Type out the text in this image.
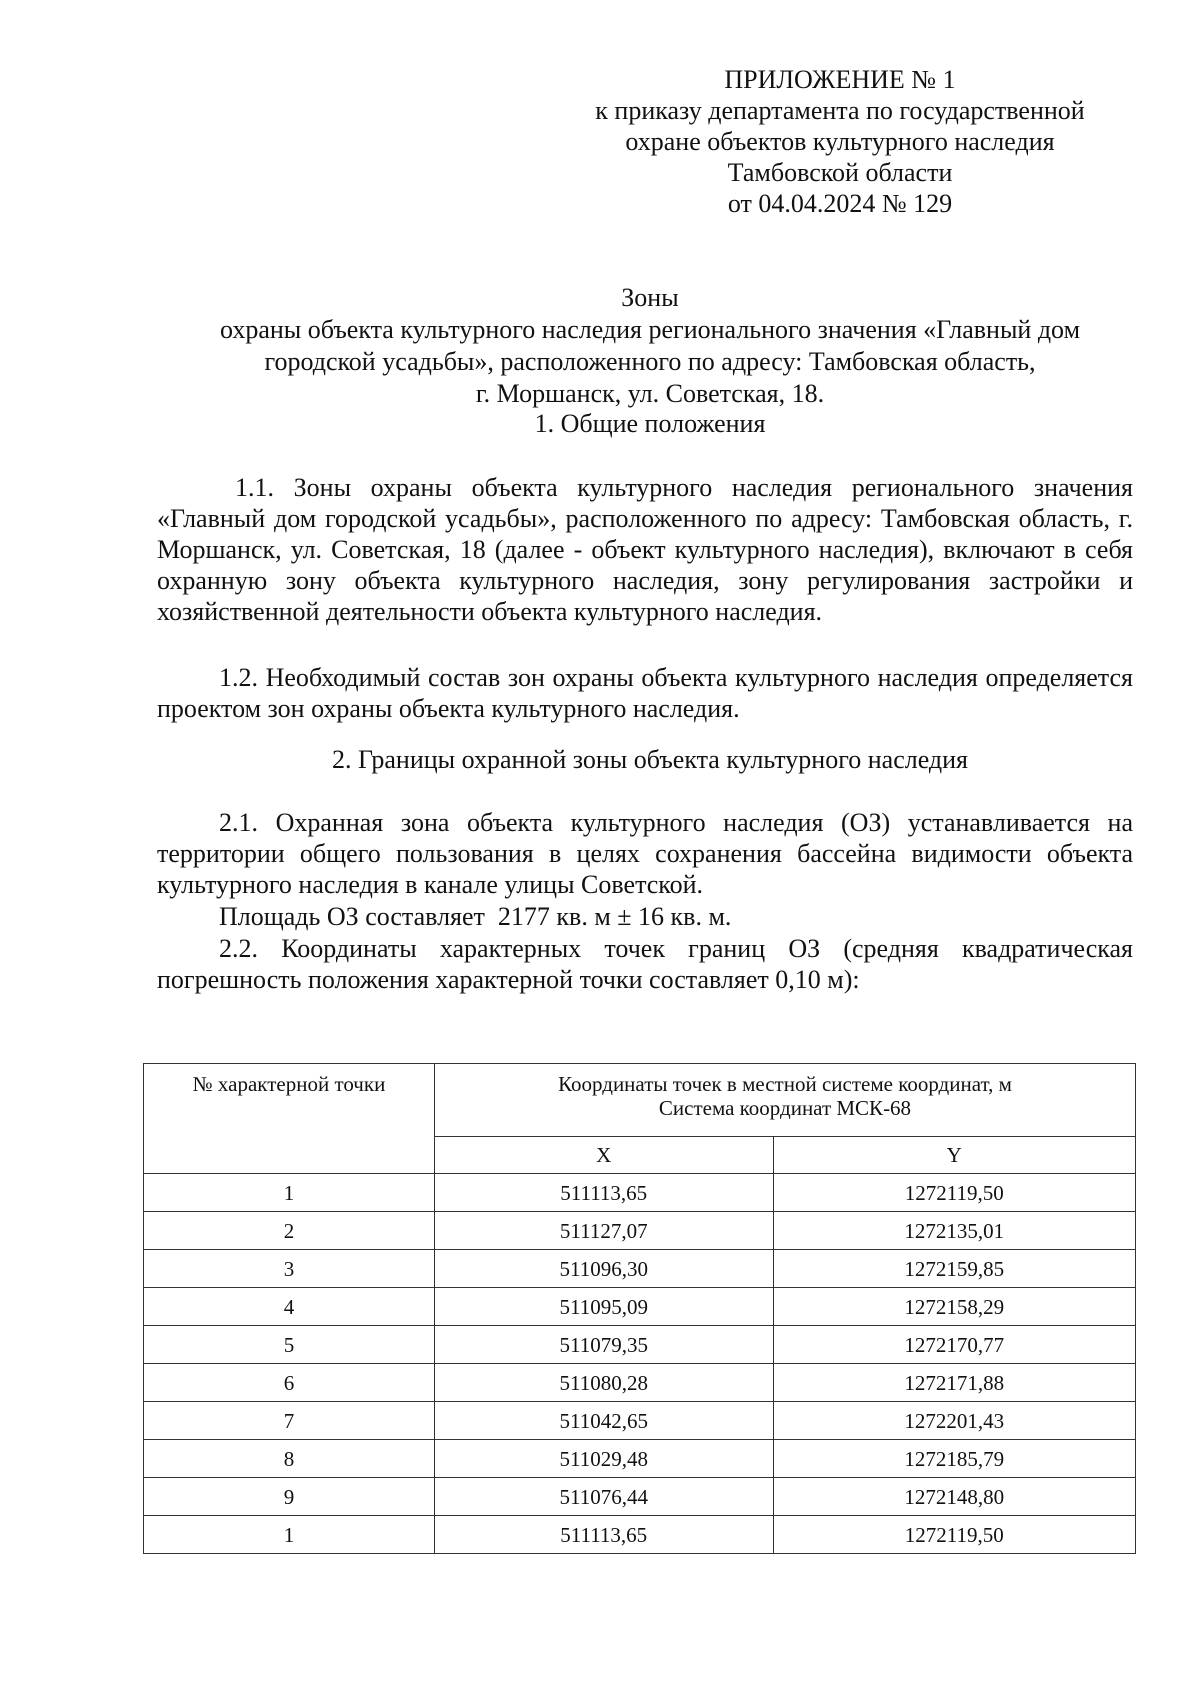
ПРИЛОЖЕНИЕ № 1
к приказу департамента по государственной
охране объектов культурного наследия
Тамбовской области
от 04.04.2024 № 129
Зоны
охраны объекта культурного наследия регионального значения «Главный дом
городской усадьбы», расположенного по адресу: Тамбовская область,
г. Моршанск, ул. Советская, 18.
1. Общие положения
1.1. Зоны охраны объекта культурного наследия регионального значения «Главный дом городской усадьбы», расположенного по адресу: Тамбовская область, г. Моршанск, ул. Советская, 18 (далее - объект культурного наследия), включают в себя охранную зону объекта культурного наследия, зону регулирования застройки и хозяйственной деятельности объекта культурного наследия.
1.2. Необходимый состав зон охраны объекта культурного наследия определяется проектом зон охраны объекта культурного наследия.
2. Границы охранной зоны объекта культурного наследия
2.1. Охранная зона объекта культурного наследия (ОЗ) устанавливается на территории общего пользования в целях сохранения бассейна видимости объекта культурного наследия в канале улицы Советской.
Площадь ОЗ составляет  2177 кв. м ± 16 кв. м.
2.2. Координаты характерных точек границ ОЗ (средняя квадратическая погрешность положения характерной точки составляет 0,10 м):
№ характерной точки	Координаты точек в местной системе координат, м
Система координат МСК-68	

	X	Y
1	511113,65	1272119,50
2	511127,07	1272135,01
3	511096,30	1272159,85
4	511095,09	1272158,29
5	511079,35	1272170,77
6	511080,28	1272171,88
7	511042,65	1272201,43
8	511029,48	1272185,79
9	511076,44	1272148,80
1	511113,65	1272119,50
